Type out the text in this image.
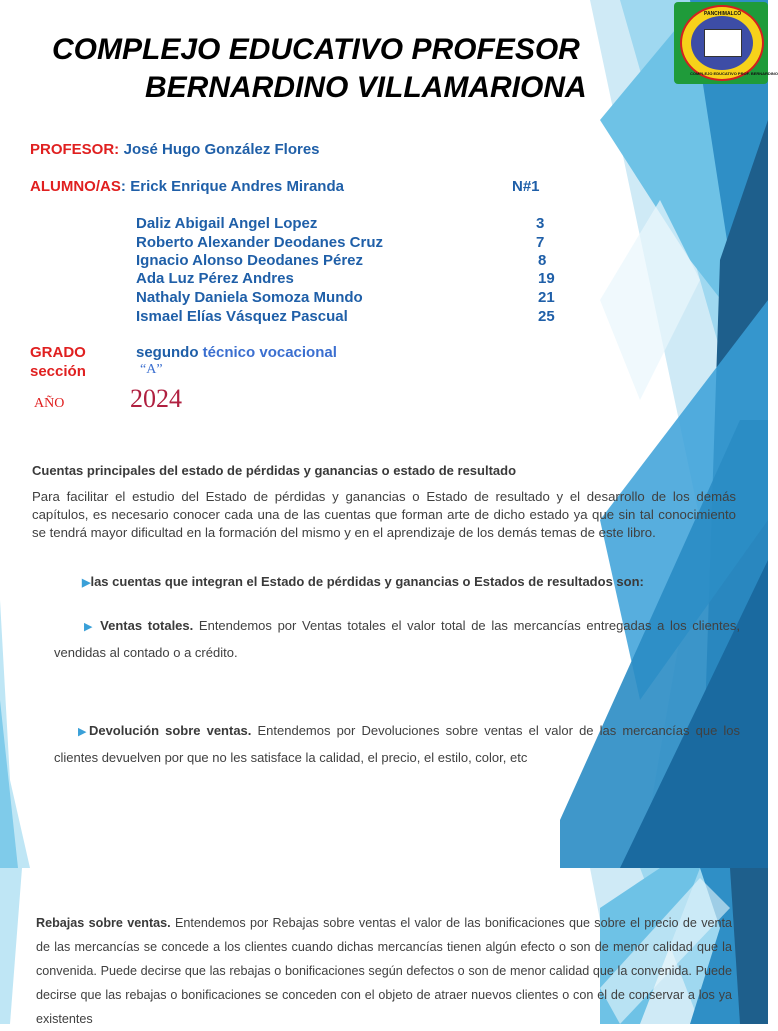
PANCHIMALCO
COMPLEJO EDUCATIVO PROF. BERNARDINO
COMPLEJO EDUCATIVO PROFESOR
BERNARDINO VILLAMARIONA
PROFESOR: José Hugo González Flores
ALUMNO/AS: Erick Enrique Andres Miranda	N#1
Daliz Abigail Angel Lopez	3
Roberto Alexander Deodanes Cruz	7
Ignacio Alonso Deodanes Pérez	8
Ada Luz Pérez Andres	19
Nathaly Daniela Somoza Mundo	21
Ismael Elías Vásquez Pascual	25
GRADO	segundo técnico vocacional
sección	“A”
AÑO	2024
Cuentas principales del estado de pérdidas y ganancias o estado de resultado
Para facilitar el estudio del Estado de pérdidas y ganancias o Estado de resultado y el desarrollo de los demás capítulos, es necesario conocer cada una de las cuentas que forman arte de dicho estado ya que sin tal conocimiento se tendrá mayor dificultad en la formación del mismo y en el aprendizaje de los demás temas de este libro.
▶las cuentas que integran el Estado de pérdidas y ganancias o Estados de resultados son:
▶ Ventas totales. Entendemos por Ventas totales el valor total de las mercancías entregadas a los clientes, vendidas al contado o a crédito.
▶Devolución sobre ventas. Entendemos por Devoluciones sobre ventas el valor de las mercancías que los clientes devuelven por que no les satisface la calidad, el precio, el estilo, color, etc
Rebajas sobre ventas. Entendemos por Rebajas sobre ventas el valor de las bonificaciones que sobre el precio de venta de las mercancías se concede a los clientes cuando dichas mercancías tienen algún efecto o son de menor calidad que la convenida. Puede decirse que las rebajas o bonificaciones según defectos o son de menor calidad que la convenida. Puede decirse que las rebajas o bonificaciones se conceden con el objeto de atraer nuevos clientes o con el de conservar a los ya existentes
